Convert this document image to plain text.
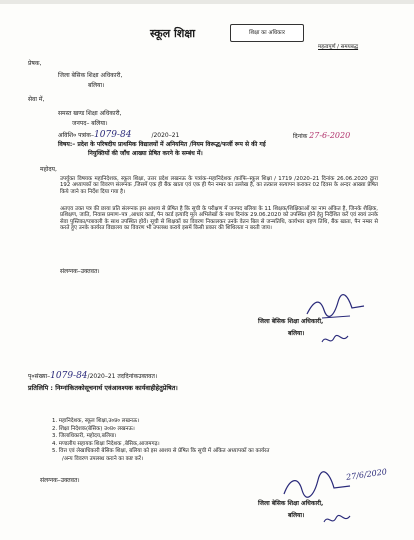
स्कूल शिक्षा	शिक्षा का अधिकार
महत्वपूर्ण / समयबद्ध
प्रेषक,
जिला बेसिक शिक्षा अधिकारी,
बलिया।
सेवा में,
समस्त खण्ड शिक्षा अधिकारी,
जनपद– बलिया।
अविशि० पत्रांक–1079-84	/2020–21	दिनांक 27-6-2020
विषय:– प्रदेश के परिषदीय प्राथमिक विद्यालयों में अनियमित /नियम विरूद्ध/फर्जी रूप से की गई
नियुक्तियों की जाँच आख्या प्रेषित करने के सम्बंध में।
महोदय,
उपर्युक्त विषयक महानिदेशक, स्कूल शिक्षा, उत्तर प्रदेश लखनऊ के पत्रांक–महानिदेशक /कांफि–स्कूल शिक्षा / 1719 /2020–21 दिनांक 26.06.2020 द्वारा 192 अध्यापकों का विवरण संलग्नक ,जिसमें एक ही बैंक खाता एवं एक ही पैन नम्बर का उल्लेख है, का तत्काल सत्यापन कराकर 02 दिवस के अन्दर आख्या प्रेषित किये जाने का निर्देश दिया गया है।
अतएव उक्त पत्र की छाया प्रति संलग्नक इस आशय से प्रेषित है कि सूची के परीक्षण में जनपद बलिया के 11 शिक्षक/शिक्षिकाओं का नाम अंकित है, जिनके शैक्षिक, प्रशिक्षण, जाति, निवास प्रमाण–पत्र ,आधार कार्ड, पैन कार्ड इत्यादि मूल अभिलेखों के साथ दिनांक 29.06.2020 को उपस्थित होने हेतु निर्देशित करें एवं स्वयं उनके सेवा पुस्तिका/पत्रावली के साथ उपस्थित होवें। सूची से शिक्षकों का विवरण निकालकर उनके वेतन बिल से जन्मतिथि, कार्यभार ग्रहण तिथि, बैंक खाता, पैन नम्बर से करते हुए उनके कार्यरत विद्यालय का विवरण भी उपलब्ध कराये इसमें किसी प्रकार की शिथिलता न बरती जाय।
संलग्नक–उक्तवत।
जिला बेसिक शिक्षा अधिकारी,
बलिया।
पृ०संख्या–1079-84/2020–21 तददिनांकउक्तवत।
प्रतिलिपि : निम्नांकितकोसूचनार्थ एवंआवश्यक कार्यवाहीहेतुप्रेषित।
1. महानिदेशक, स्कूल शिक्षा,उ०प्र० लखनऊ।
2. शिक्षा निदेशक(बेसिक) उ०प्र० लखनऊ।
3. जिलाधिकारी, महोदय,बलिया।
4. मण्डलीय सहायक शिक्षा निदेशक ,बेसिक,आजमगढ़।
5. वित्त एवं लेखाधिकारी बेसिक शिक्षा, बलिया को इस आशय से प्रेषित कि सूची में अंकित अध्यापकों का कार्यरत
/अन्य विवरण उपलब्ध कराने का कष्ट करें।
संलग्नक–उक्तवत।	27/6/2020
जिला बेसिक शिक्षा अधिकारी,
बलिया।
